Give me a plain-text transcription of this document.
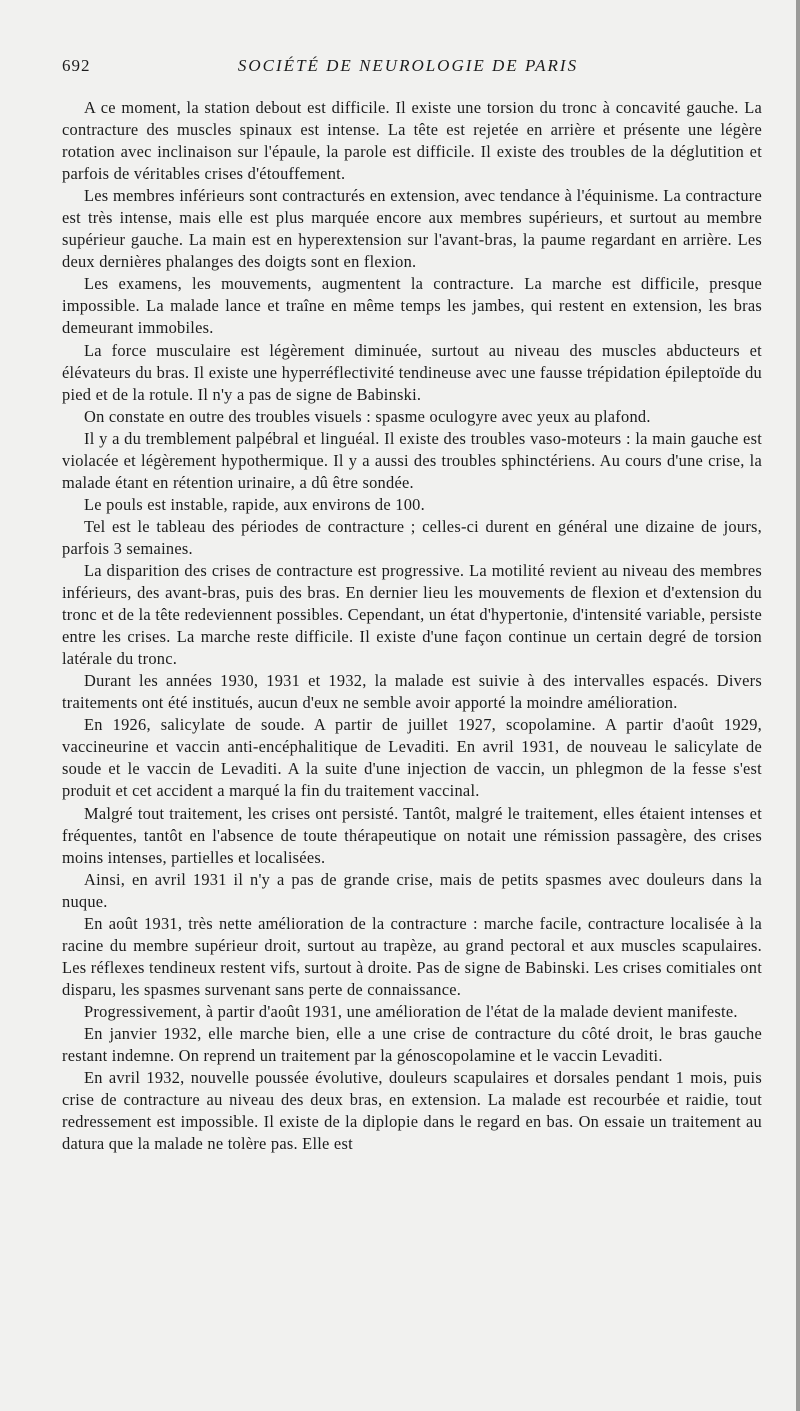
692	SOCIÉTÉ DE NEUROLOGIE DE PARIS

A ce moment, la station debout est difficile. Il existe une torsion du tronc à concavité gauche. La contracture des muscles spinaux est intense. La tête est rejetée en arrière et présente une légère rotation avec inclinaison sur l'épaule, la parole est difficile. Il existe des troubles de la déglutition et parfois de véritables crises d'étouffement.

Les membres inférieurs sont contracturés en extension, avec tendance à l'équinisme. La contracture est très intense, mais elle est plus marquée encore aux membres supérieurs, et surtout au membre supérieur gauche. La main est en hyperextension sur l'avant-bras, la paume regardant en arrière. Les deux dernières phalanges des doigts sont en flexion.

Les examens, les mouvements, augmentent la contracture. La marche est difficile, presque impossible. La malade lance et traîne en même temps les jambes, qui restent en extension, les bras demeurant immobiles.

La force musculaire est légèrement diminuée, surtout au niveau des muscles abducteurs et élévateurs du bras. Il existe une hyperréflectivité tendineuse avec une fausse trépidation épileptoïde du pied et de la rotule. Il n'y a pas de signe de Babinski.

On constate en outre des troubles visuels : spasme oculogyre avec yeux au plafond.

Il y a du tremblement palpébral et linguéal. Il existe des troubles vaso-moteurs : la main gauche est violacée et légèrement hypothermique. Il y a aussi des troubles sphinctériens. Au cours d'une crise, la malade étant en rétention urinaire, a dû être sondée.

Le pouls est instable, rapide, aux environs de 100.

Tel est le tableau des périodes de contracture ; celles-ci durent en général une dizaine de jours, parfois 3 semaines.

La disparition des crises de contracture est progressive. La motilité revient au niveau des membres inférieurs, des avant-bras, puis des bras. En dernier lieu les mouvements de flexion et d'extension du tronc et de la tête redeviennent possibles. Cependant, un état d'hypertonie, d'intensité variable, persiste entre les crises. La marche reste difficile. Il existe d'une façon continue un certain degré de torsion latérale du tronc.

Durant les années 1930, 1931 et 1932, la malade est suivie à des intervalles espacés. Divers traitements ont été institués, aucun d'eux ne semble avoir apporté la moindre amélioration.

En 1926, salicylate de soude. A partir de juillet 1927, scopolamine. A partir d'août 1929, vaccineurine et vaccin anti-encéphalitique de Levaditi. En avril 1931, de nouveau le salicylate de soude et le vaccin de Levaditi. A la suite d'une injection de vaccin, un phlegmon de la fesse s'est produit et cet accident a marqué la fin du traitement vaccinal.

Malgré tout traitement, les crises ont persisté. Tantôt, malgré le traitement, elles étaient intenses et fréquentes, tantôt en l'absence de toute thérapeutique on notait une rémission passagère, des crises moins intenses, partielles et localisées.

Ainsi, en avril 1931 il n'y a pas de grande crise, mais de petits spasmes avec douleurs dans la nuque.

En août 1931, très nette amélioration de la contracture : marche facile, contracture localisée à la racine du membre supérieur droit, surtout au trapèze, au grand pectoral et aux muscles scapulaires. Les réflexes tendineux restent vifs, surtout à droite. Pas de signe de Babinski. Les crises comitiales ont disparu, les spasmes survenant sans perte de connaissance.

Progressivement, à partir d'août 1931, une amélioration de l'état de la malade devient manifeste.

En janvier 1932, elle marche bien, elle a une crise de contracture du côté droit, le bras gauche restant indemne. On reprend un traitement par la génoscopolamine et le vaccin Levaditi.

En avril 1932, nouvelle poussée évolutive, douleurs scapulaires et dorsales pendant 1 mois, puis crise de contracture au niveau des deux bras, en extension. La malade est recourbée et raidie, tout redressement est impossible. Il existe de la diplopie dans le regard en bas. On essaie un traitement au datura que la malade ne tolère pas. Elle est
